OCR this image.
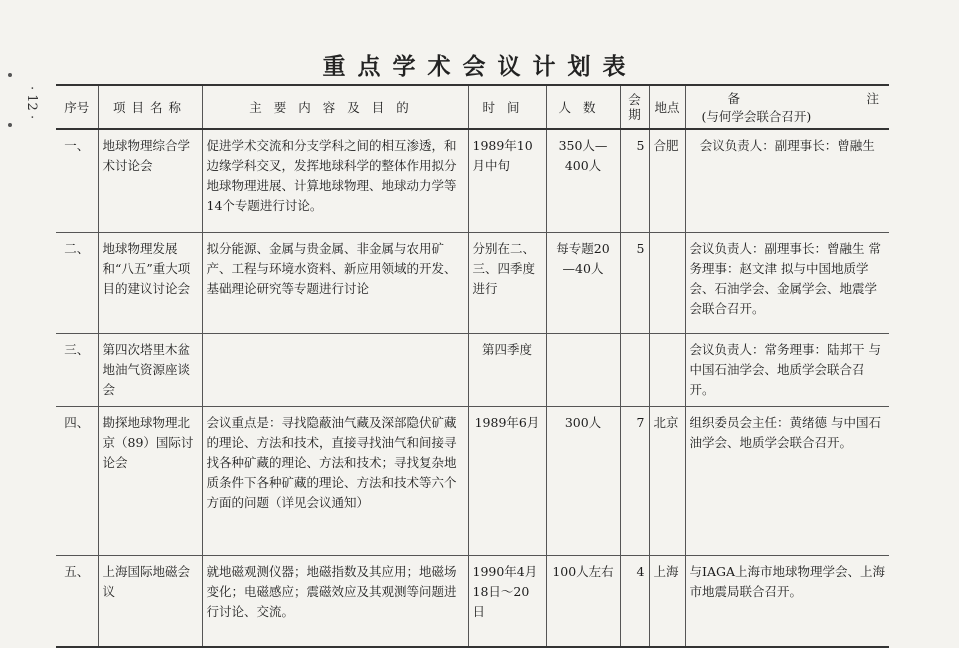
· 12 ·
重点学术会议计划表
序号	项目名称	主要内容及目的	时间	人数	会期	地点	备 注
(与何学会联合召开)

一、	地球物理综合学术讨论会	促进学术交流和分支学科之间的相互渗透，和边缘学科交叉，发挥地球科学的整体作用拟分地球物理进展、计算地球物理、地球动力学等14个专题进行讨论。	1989年10月中旬	350人—400人	5	合肥	会议负责人：副理事长：曾融生
二、	地球物理发展和“八五”重大项目的建议讨论会	拟分能源、金属与贵金属、非金属与农用矿产、工程与环境水资料、新应用领域的开发、基础理论研究等专题进行讨论	分别在二、三、四季度进行	每专题20—40人	5		会议负责人：副理事长：曾融生 常务理事：赵文津 拟与中国地质学会、石油学会、金属学会、地震学会联合召开。
三、	第四次塔里木盆地油气资源座谈会		第四季度				会议负责人：常务理事：陆邦干 与中国石油学会、地质学会联合召开。
四、	勘探地球物理北京（89）国际讨论会	会议重点是：寻找隐蔽油气藏及深部隐伏矿藏的理论、方法和技术，直接寻找油气和间接寻找各种矿藏的理论、方法和技术；寻找复杂地质条件下各种矿藏的理论、方法和技术等六个方面的问题（详见会议通知）	1989年6月	300人	7	北京	组织委员会主任：黄绪德 与中国石油学会、地质学会联合召开。
五、	上海国际地磁会议	就地磁观测仪器；地磁指数及其应用；地磁场变化；电磁感应；震磁效应及其观测等问题进行讨论、交流。	1990年4月18日～20日	100人左右	4	上海	与IAGA上海市地球物理学会、上海市地震局联合召开。
